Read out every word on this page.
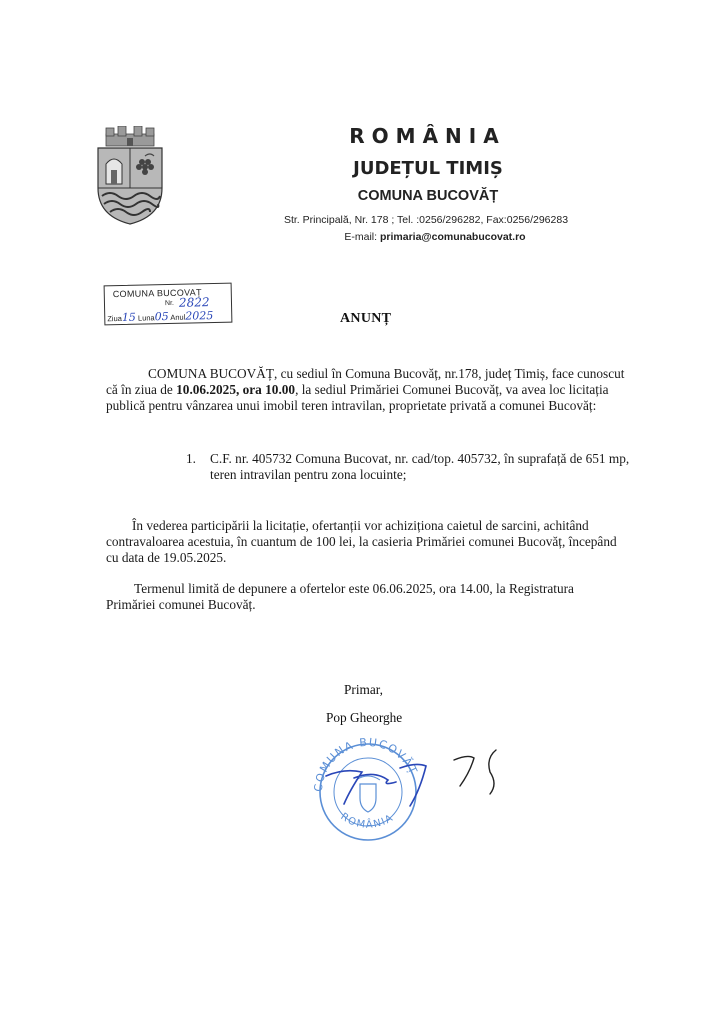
ROMÂNIA
JUDEȚUL TIMIȘ
COMUNA BUCOVĂȚ
Str. Principală, Nr. 178 ; Tel. :0256/296282, Fax:0256/296283
E-mail: primaria@comunabucovat.ro
COMUNA BUCOVAȚ
Nr. 2822
Ziua15 Luna05 Anul2025	ANUNȚ
COMUNA BUCOVĂȚ, cu sediul în Comuna Bucovăț, nr.178, județ Timiș, face cunoscut că în ziua de 10.06.2025, ora 10.00, la sediul Primăriei Comunei Bucovăț, va avea loc licitația publică pentru vânzarea unui imobil teren intravilan, proprietate privată a comunei Bucovăț:
1. C.F. nr. 405732 Comuna Bucovat, nr. cad/top. 405732, în suprafață de 651 mp, teren intravilan pentru zona locuinte;
În vederea participării la licitație, ofertanții vor achiziționa caietul de sarcini, achitând contravaloarea acestuia, în cuantum de 100 lei, la casieria Primăriei comunei Bucovăț, începând cu data de 19.05.2025.
Termenul limită de depunere a ofertelor este 06.06.2025, ora 14.00, la Registratura Primăriei comunei Bucovăț.
Primar,
Pop Gheorghe
COMUNA BUCOVĂȚ
ROMÂNIA
